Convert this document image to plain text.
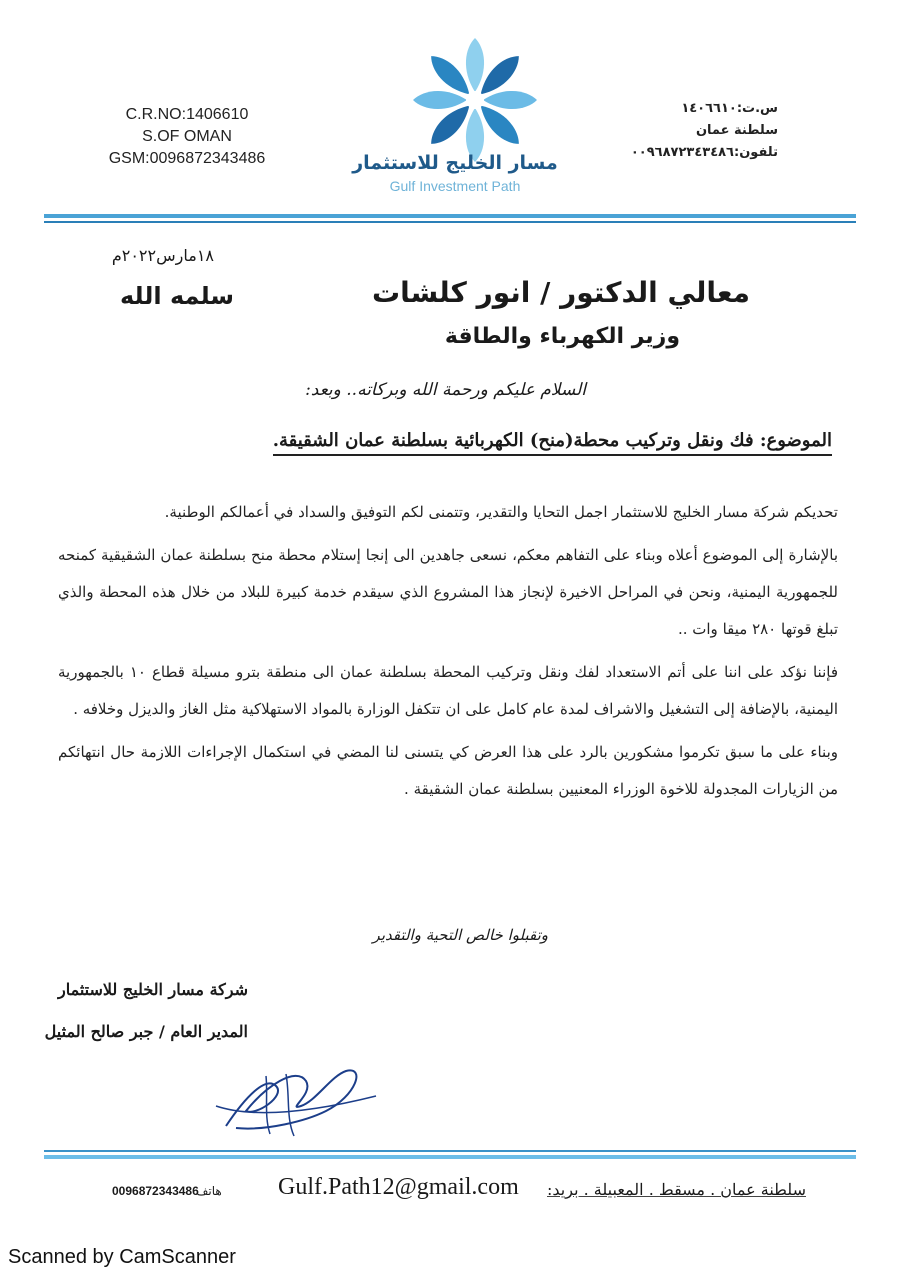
C.R.NO:1406610
S.OF OMAN
GSM:0096872343486
س.ت:١٤٠٦٦١٠
سلطنة عمان
تلفون:٠٠٩٦٨٧٢٣٤٣٤٨٦
مسار الخليج للاستثمار
Gulf Investment Path
١٨مارس٢٠٢٢م
معالي الدكتور / انور كلشات
سلمه الله
وزير الكهرباء والطاقة
السلام عليكم ورحمة الله وبركاته.. وبعد:
الموضوع: فك ونقل وتركيب محطة(منح) الكهربائية بسلطنة عمان الشقيقة.

تحديكم شركة مسار الخليج للاستثمار اجمل التحايا والتقدير، وتتمنى لكم التوفيق والسداد في أعمالكم الوطنية.

بالإشارة إلى الموضوع أعلاه وبناء على التفاهم معكم، نسعى جاهدين الى إنجا إستلام محطة منح بسلطنة عمان الشقيقية كمنحه للجمهورية اليمنية، ونحن في المراحل الاخيرة لإنجاز هذا المشروع الذي سيقدم خدمة كبيرة للبلاد من خلال هذه المحطة والذي تبلغ قوتها ٢٨٠ ميقا وات ..

فإننا نؤكد على اننا على أتم الاستعداد لفك ونقل وتركيب المحطة بسلطنة عمان الى منطقة بترو مسيلة قطاع ١٠ بالجمهورية اليمنية، بالإضافة إلى التشغيل والاشراف لمدة عام كامل على ان تتكفل الوزارة بالمواد الاستهلاكية مثل الغاز والديزل وخلافه .

وبناء على ما سبق تكرموا مشكورين بالرد على هذا العرض كي يتسنى لنا المضي في استكمال الإجراءات اللازمة حال انتهائكم من الزيارات المجدولة للاخوة الوزراء المعنيين بسلطنة عمان الشقيقة .

وتقبلوا خالص التحية والتقدير
شركة مسار الخليج للاستثمار
المدير العام / جبر صالح المثيل
سلطنة عمان . مسقط . المعبيلة . بريد:
Gulf.Path12@gmail.com
هاتف
0096872343486
Scanned by CamScanner
